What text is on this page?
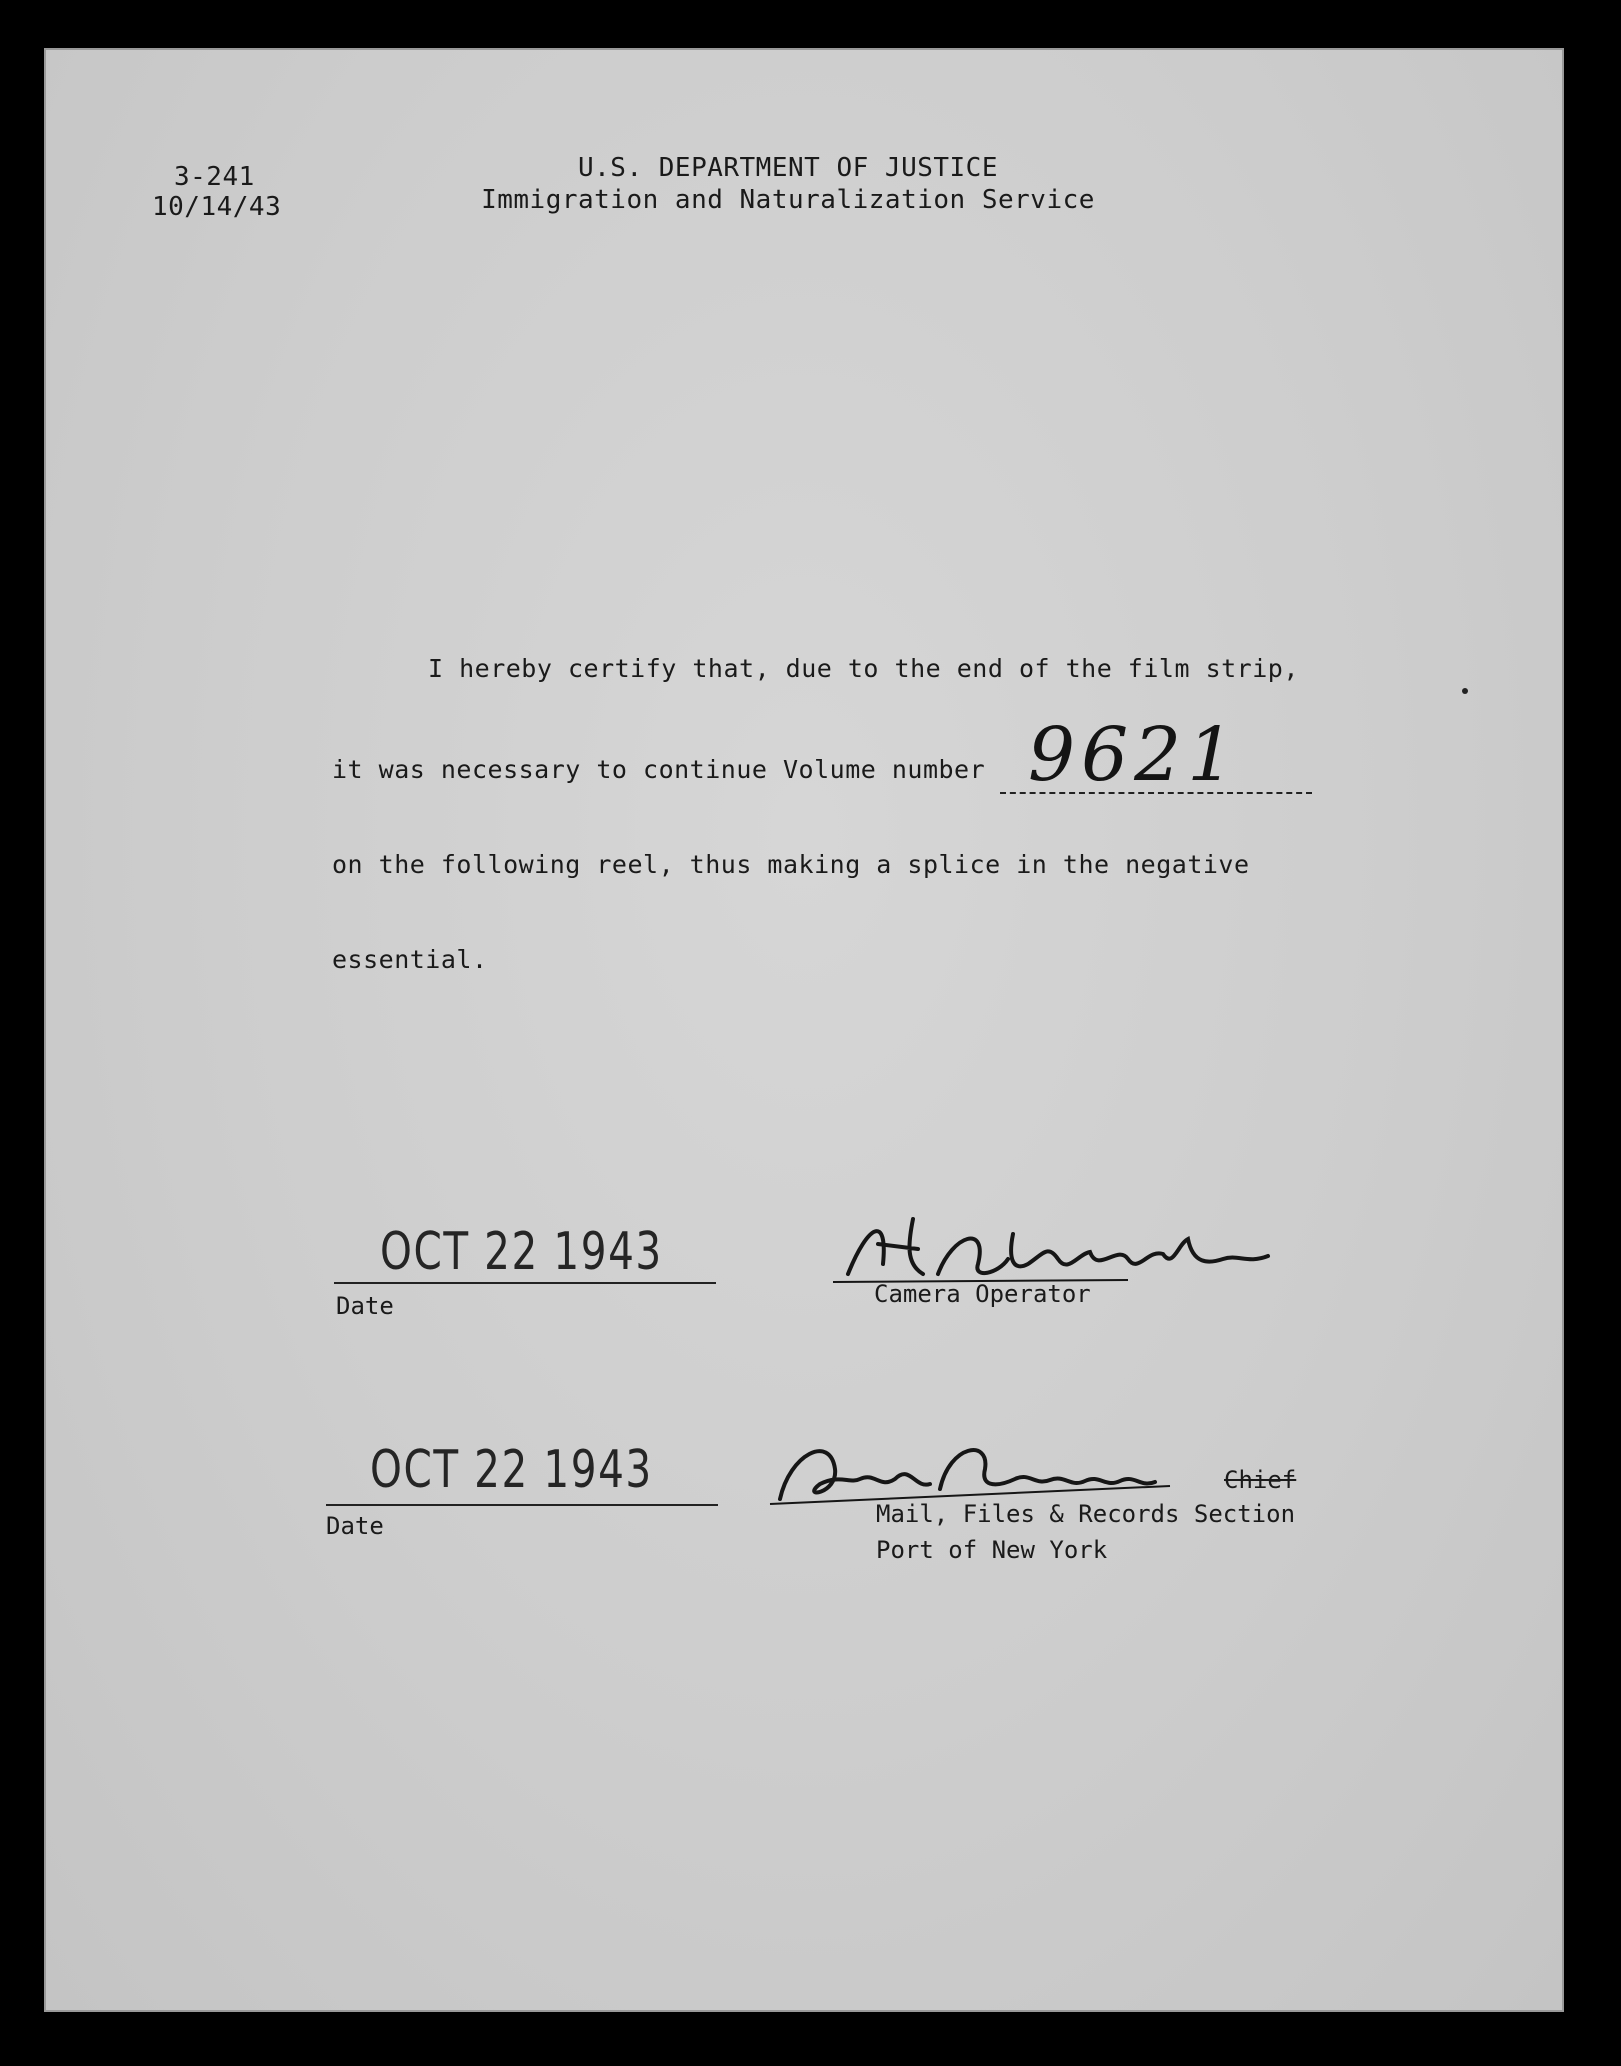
3-241
10/14/43
U.S. DEPARTMENT OF JUSTICE
Immigration and Naturalization Service
I hereby certify that, due to the end of the film strip,
it was necessary to continue Volume number 9621
on the following reel, thus making a splice in the negative
essential.
OCT 22 1943
Date	Camera Operator
OCT 22 1943
Date
Chief
Mail, Files & Records Section
Port of New York
